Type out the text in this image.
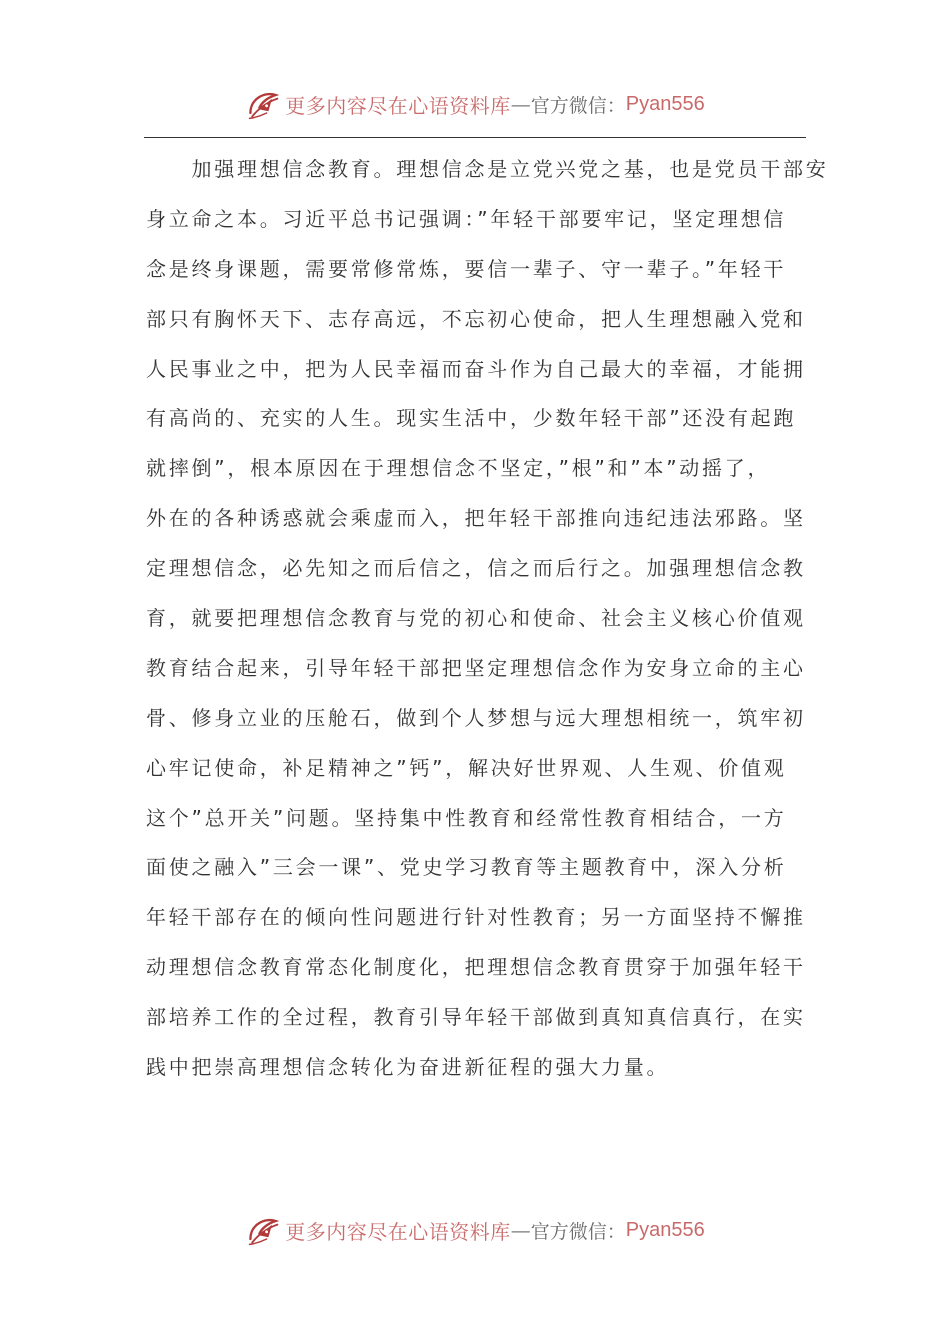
更多内容尽在心语资料库 — 官方微信： Pyan556
　　加强理想信念教育。理想信念是立党兴党之基，也是党员干部安
身立命之本。习近平总书记强调：”年轻干部要牢记，坚定理想信
念是终身课题，需要常修常炼，要信一辈子、守一辈子。”年轻干
部只有胸怀天下、志存高远，不忘初心使命，把人生理想融入党和
人民事业之中，把为人民幸福而奋斗作为自己最大的幸福，才能拥
有高尚的、充实的人生。现实生活中，少数年轻干部”还没有起跑
就摔倒”，根本原因在于理想信念不坚定，”根”和”本”动摇了，
外在的各种诱惑就会乘虚而入，把年轻干部推向违纪违法邪路。坚
定理想信念，必先知之而后信之，信之而后行之。加强理想信念教
育，就要把理想信念教育与党的初心和使命、社会主义核心价值观
教育结合起来，引导年轻干部把坚定理想信念作为安身立命的主心
骨、修身立业的压舱石，做到个人梦想与远大理想相统一，筑牢初
心牢记使命，补足精神之”钙”，解决好世界观、人生观、价值观
这个”总开关”问题。坚持集中性教育和经常性教育相结合，一方
面使之融入”三会一课”、党史学习教育等主题教育中，深入分析
年轻干部存在的倾向性问题进行针对性教育；另一方面坚持不懈推
动理想信念教育常态化制度化，把理想信念教育贯穿于加强年轻干
部培养工作的全过程，教育引导年轻干部做到真知真信真行，在实
践中把崇高理想信念转化为奋进新征程的强大力量。
更多内容尽在心语资料库 — 官方微信： Pyan556
